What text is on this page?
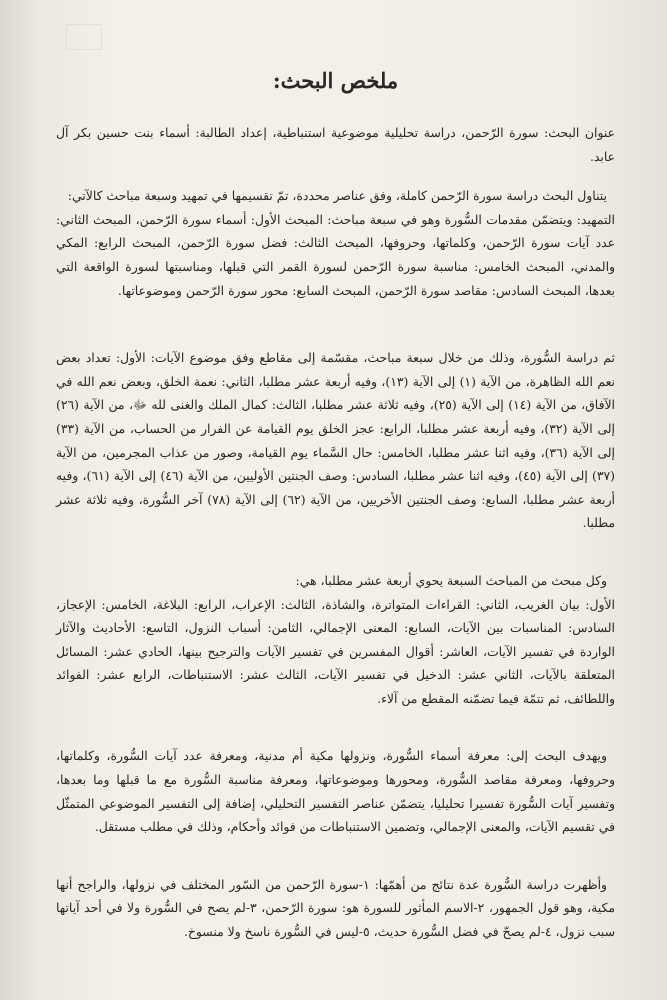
ملخص البحث:

عنوان البحث: سورة الرّحمن، دراسة تحليلية موضوعية استنباطية، إعداد الطالبة: أسماء بنت حسين بكر آل عابد.

يتناول البحث دراسة سورة الرّحمن كاملة، وفق عناصر محددة، تمّ تقسيمها في تمهيد وسبعة مباحث كالآتي:

التمهيد: ويتضمّن مقدمات السُّورة وهو في سبعة مباحث: المبحث الأول: أسماء سورة الرّحمن، المبحث الثاني: عدد آيات سورة الرّحمن، وكلماتها، وحروفها، المبحث الثالث: فضل سورة الرّحمن، المبحث الرابع: المكي والمدني، المبحث الخامس: مناسبة سورة الرّحمن لسورة القمر التي قبلها، ومناسبتها لسورة الواقعة التي بعدها، المبحث السادس: مقاصد سورة الرّحمن، المبحث السابع: محور سورة الرّحمن وموضوعاتها.

ثم دراسة السُّورة، وذلك من خلال سبعة مباحث، مقسّمة إلى مقاطع وفق موضوع الآيات: الأول: تعداد بعض نعم الله الظاهرة، من الآية (١) إلى الآية (١٣)، وفيه أربعة عشر مطلبا، الثاني: نعمة الخلق، وبعض نعم الله في الآفاق، من الآية (١٤) إلى الآية (٢٥)، وفيه ثلاثة عشر مطلبا، الثالث: كمال الملك والغنى لله ﷻ، من الآية (٢٦) إلى الآية (٣٢)، وفيه أربعة عشر مطلبا، الرابع: عجز الخلق يوم القيامة عن الفرار من الحساب، من الآية (٣٣) إلى الآية (٣٦)، وفيه اثنا عشر مطلبا، الخامس: حال السَّماء يوم القيامة، وصور من عذاب المجرمين، من الآية (٣٧) إلى الآية (٤٥)، وفيه اثنا عشر مطلبا، السادس: وصف الجنتين الأوليين، من الآية (٤٦) إلى الآية (٦١)، وفيه أربعة عشر مطلبا، السابع: وصف الجنتين الأخريين، من الآية (٦٢) إلى الآية (٧٨) آخر السُّورة، وفيه ثلاثة عشر مطلبا.

وكل مبحث من المباحث السبعة يحوي أربعة عشر مطلبا، هي:

الأول: بيان الغريب، الثاني: القراءات المتواترة، والشاذة، الثالث: الإعراب، الرابع: البلاغة، الخامس: الإعجاز، السادس: المناسبات بين الآيات، السابع: المعنى الإجمالي، الثامن: أسباب النزول، التاسع: الأحاديث والآثار الواردة في تفسير الآيات، العاشر: أقوال المفسرين في تفسير الآيات والترجيح بينها، الحادي عشر: المسائل المتعلقة بالآيات، الثاني عشر: الدخيل في تفسير الآيات، الثالث عشر: الاستنباطات، الرابع عشر: الفوائد واللطائف، ثم تتمّة فيما تضمّنه المقطع من آلاء.

ويهدف البحث إلى: معرفة أسماء السُّورة، ونزولها مكية أم مدنية، ومعرفة عدد آيات السُّورة، وكلماتها، وحروفها، ومعرفة مقاصد السُّورة، ومحورها وموضوعاتها، ومعرفة مناسبة السُّورة مع ما قبلها وما بعدها، وتفسير آيات السُّورة تفسيرا تحليليا، يتضمّن عناصر التفسير التحليلي، إضافة إلى التفسير الموضوعي المتمثّل في تقسيم الآيات، والمعنى الإجمالي، وتضمين الاستنباطات من فوائد وأحكام، وذلك في مطلب مستقل.

وأظهرت دراسة السُّورة عدة نتائج من أهمّها: ١-سورة الرّحمن من السّور المختلف في نزولها، والراجح أنها مكية، وهو قول الجمهور، ٢-الاسم المأثور للسورة هو: سورة الرّحمن، ٣-لم يصح في السُّورة ولا في أحد آياتها سبب نزول، ٤-لم يصحّ في فضل السُّورة حديث، ٥-ليس في السُّورة ناسخ ولا منسوخ.
